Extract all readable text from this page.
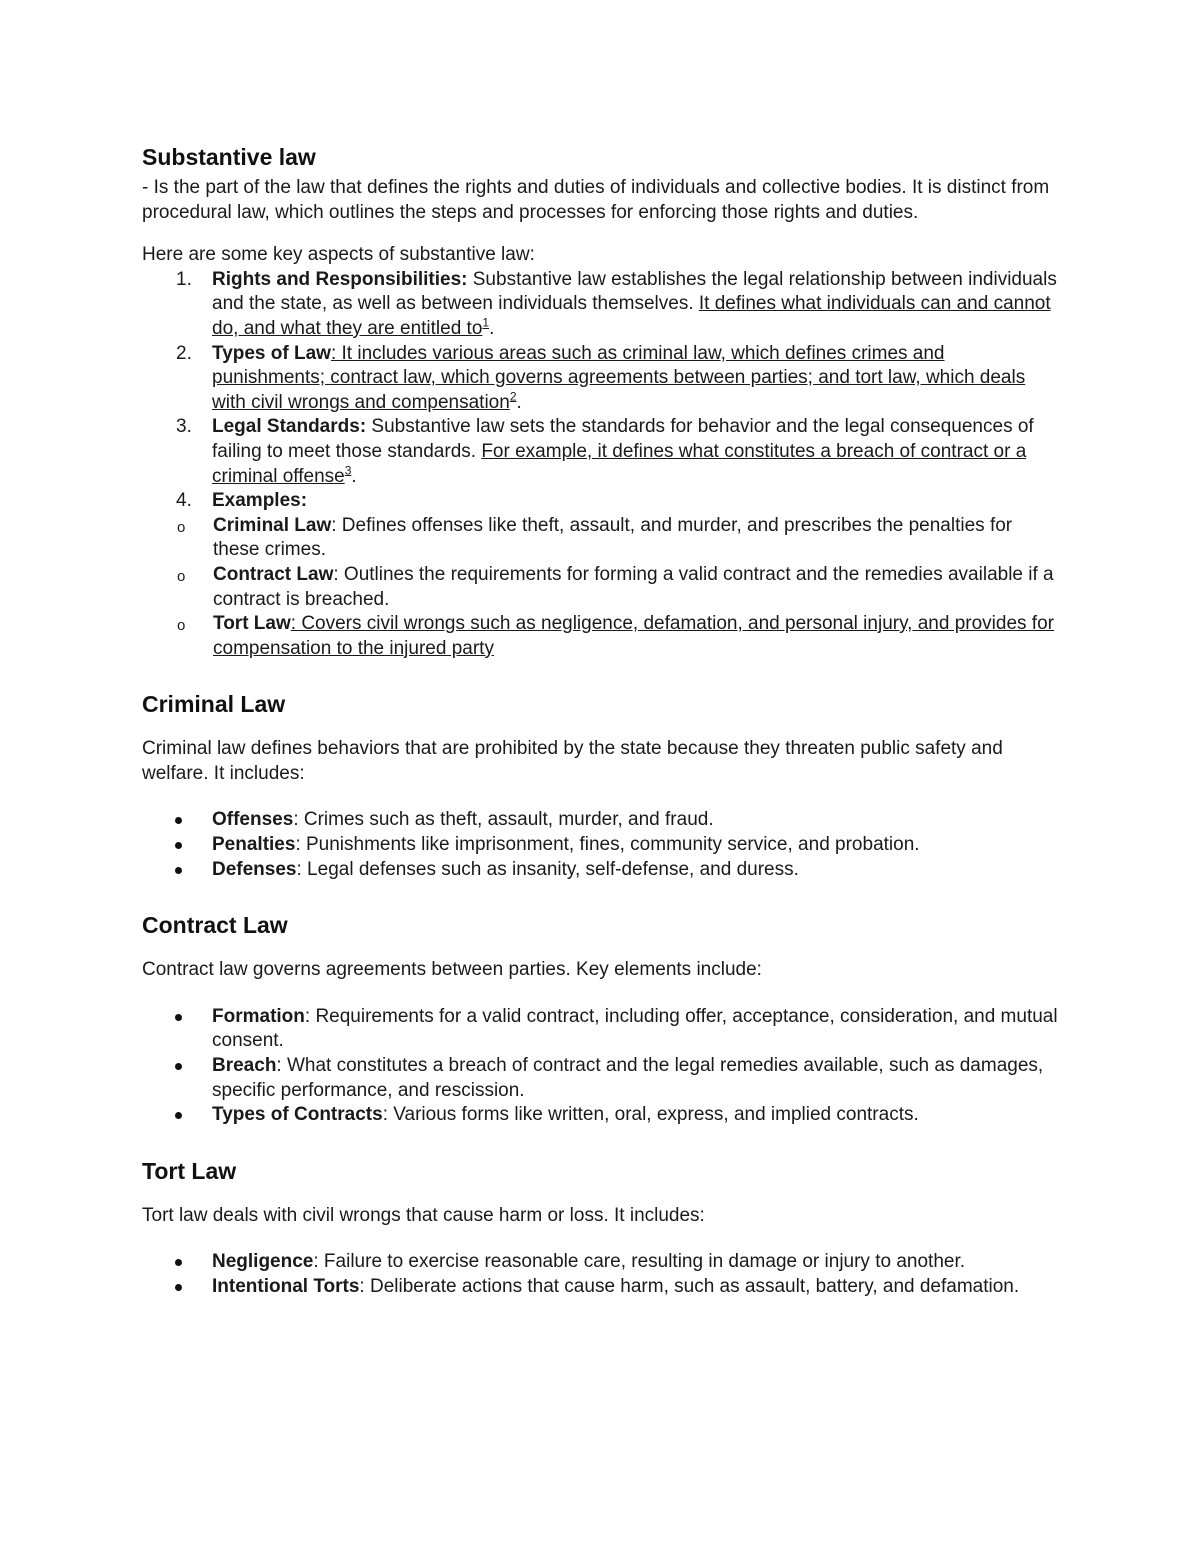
Substantive law

- Is the part of the law that defines the rights and duties of individuals and collective bodies. It is distinct from procedural law, which outlines the steps and processes for enforcing those rights and duties.

Here are some key aspects of substantive law:

1. Rights and Responsibilities: Substantive law establishes the legal relationship between individuals and the state, as well as between individuals themselves. It defines what individuals can and cannot do, and what they are entitled $to^1$.
2. Types of Law: It includes various areas such as criminal law, which defines crimes and punishments; contract law, which governs agreements between parties; and tort law, which deals with civil wrongs and compensation$^2$.
3. Legal Standards: Substantive law sets the standards for behavior and the legal consequences of failing to meet those standards. For example, it defines what constitutes a breach of contract or a criminal offense$^3$.
4. Examples:
o Criminal Law: Defines offenses like theft, assault, and murder, and prescribes the penalties for these crimes.
o Contract Law: Outlines the requirements for forming a valid contract and the remedies available if a contract is breached.
o Tort Law: Covers civil wrongs such as negligence, defamation, and personal injury, and provides for compensation to the injured party
Criminal Law

Criminal law defines behaviors that are prohibited by the state because they threaten public safety and welfare. It includes:

Offenses: Crimes such as theft, assault, murder, and fraud.
Penalties: Punishments like imprisonment, fines, community service, and probation.
Defenses: Legal defenses such as insanity, self-defense, and duress.
Contract Law

Contract law governs agreements between parties. Key elements include:

Formation: Requirements for a valid contract, including offer, acceptance, consideration, and mutual consent.
Breach: What constitutes a breach of contract and the legal remedies available, such as damages, specific performance, and rescission.
Types of Contracts: Various forms like written, oral, express, and implied contracts.
Tort Law

Tort law deals with civil wrongs that cause harm or loss. It includes:

Negligence: Failure to exercise reasonable care, resulting in damage or injury to another.
Intentional Torts: Deliberate actions that cause harm, such as assault, battery, and defamation.
